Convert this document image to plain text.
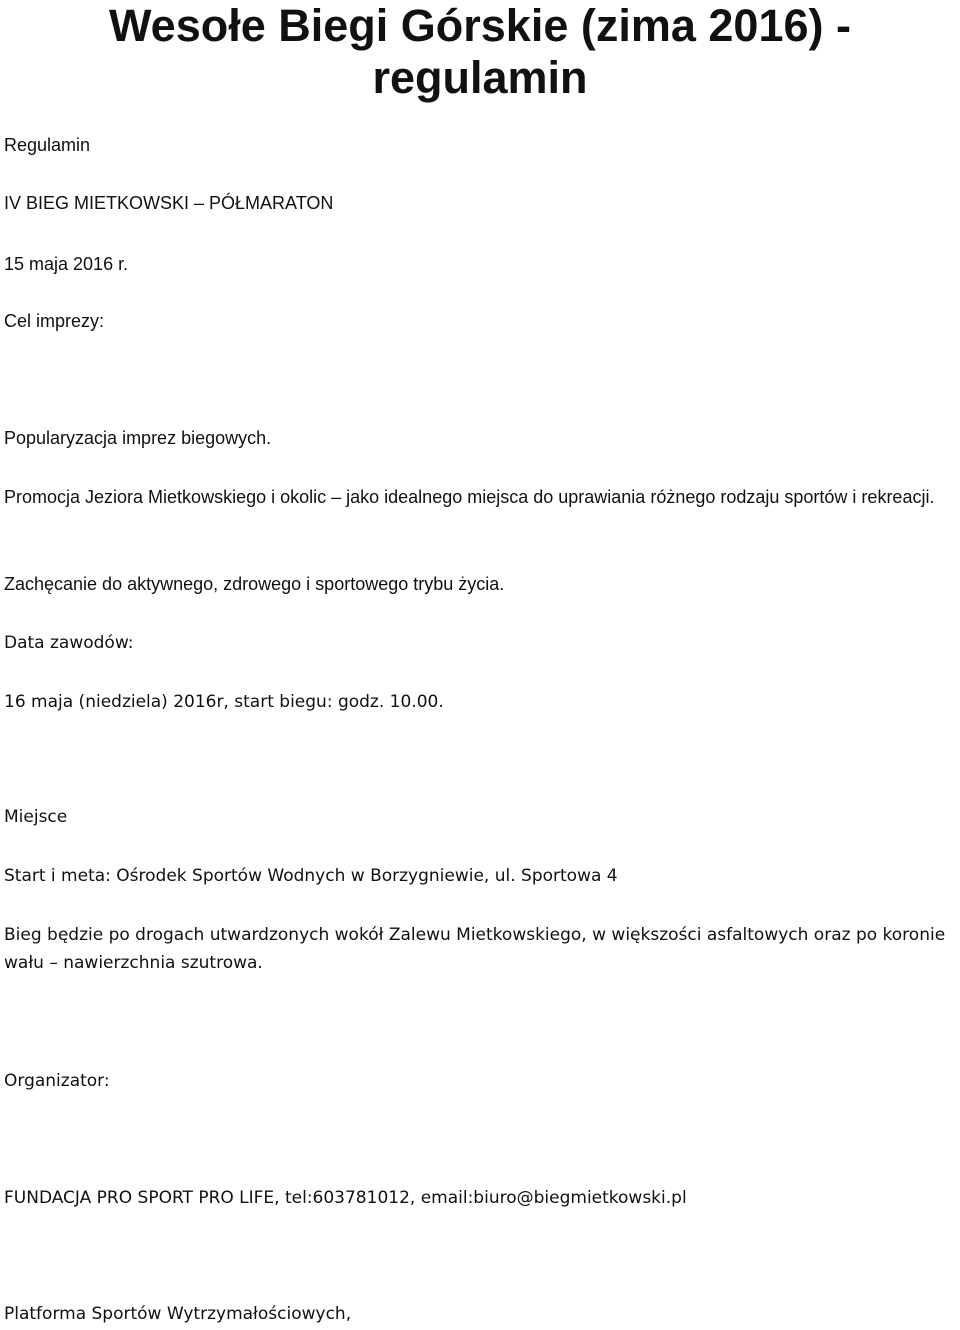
Wesołe Biegi Górskie (zima 2016) -
regulamin

Regulamin

IV BIEG MIETKOWSKI – PÓŁMARATON

15 maja 2016 r.

Cel imprezy:

Popularyzacja imprez biegowych.

Promocja Jeziora Mietkowskiego i okolic – jako idealnego miejsca do uprawiania różnego rodzaju sportów i rekreacji.

Zachęcanie do aktywnego, zdrowego i sportowego trybu życia.

Data zawodów:

16 maja (niedziela) 2016r, start biegu: godz. 10.00.

Miejsce

Start i meta: Ośrodek Sportów Wodnych w Borzygniewie, ul. Sportowa 4

Bieg będzie po drogach utwardzonych wokół Zalewu Mietkowskiego, w większości asfaltowych oraz po koronie wału – nawierzchnia szutrowa.

Organizator:

FUNDACJA PRO SPORT PRO LIFE, tel:603781012, email:biuro@biegmietkowski.pl

Platforma Sportów Wytrzymałościowych,
